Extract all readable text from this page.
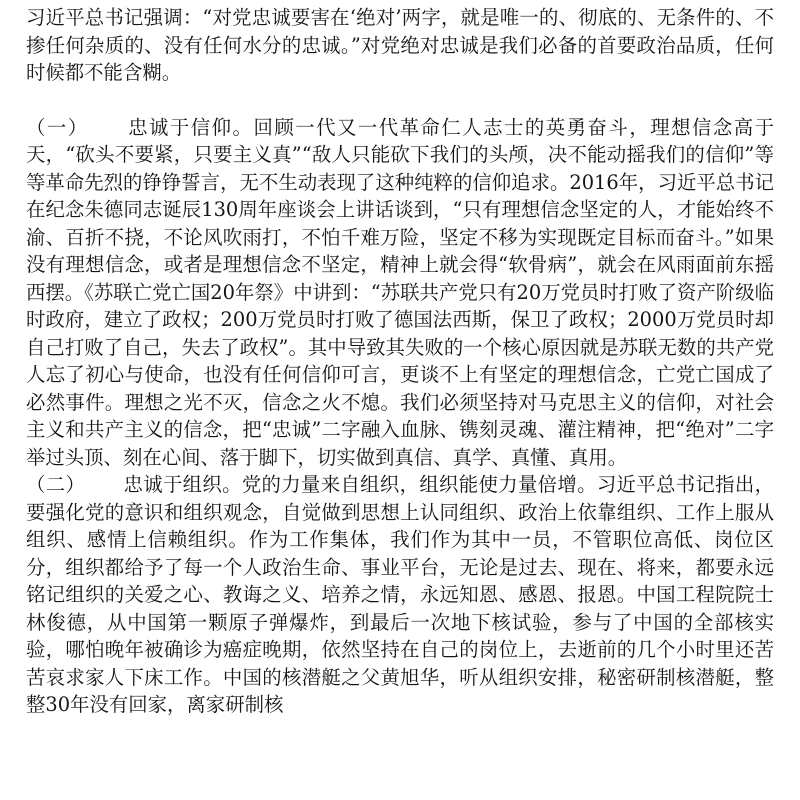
习近平总书记强调：“对党忠诚要害在‘绝对’两字，就是唯一的、彻底的、无条件的、不掺任何杂质的、没有任何水分的忠诚。”对党绝对忠诚是我们必备的首要政治品质，任何时候都不能含糊。

（一） 忠诚于信仰。回顾一代又一代革命仁人志士的英勇奋斗，理想信念高于天，“砍头不要紧，只要主义真”“敌人只能砍下我们的头颅，决不能动摇我们的信仰”等等革命先烈的铮铮誓言，无不生动表现了这种纯粹的信仰追求。2016年，习近平总书记在纪念朱德同志诞辰130周年座谈会上讲话谈到，“只有理想信念坚定的人，才能始终不渝、百折不挠，不论风吹雨打，不怕千难万险，坚定不移为实现既定目标而奋斗。”如果没有理想信念，或者是理想信念不坚定，精神上就会得“软骨病”，就会在风雨面前东摇西摆。《苏联亡党亡国20年祭》中讲到：“苏联共产党只有20万党员时打败了资产阶级临时政府，建立了政权；200万党员时打败了德国法西斯，保卫了政权；2000万党员时却自己打败了自己，失去了政权”。其中导致其失败的一个核心原因就是苏联无数的共产党人忘了初心与使命，也没有任何信仰可言，更谈不上有坚定的理想信念，亡党亡国成了必然事件。理想之光不灭，信念之火不熄。我们必须坚持对马克思主义的信仰，对社会主义和共产主义的信念，把“忠诚”二字融入血脉、镌刻灵魂、灌注精神，把“绝对”二字举过头顶、刻在心间、落于脚下，切实做到真信、真学、真懂、真用。

（二） 忠诚于组织。党的力量来自组织，组织能使力量倍增。习近平总书记指出，要强化党的意识和组织观念，自觉做到思想上认同组织、政治上依靠组织、工作上服从组织、感情上信赖组织。作为工作集体，我们作为其中一员，不管职位高低、岗位区分，组织都给予了每一个人政治生命、事业平台，无论是过去、现在、将来，都要永远铭记组织的关爱之心、教诲之义、培养之情，永远知恩、感恩、报恩。中国工程院院士林俊德，从中国第一颗原子弹爆炸，到最后一次地下核试验，参与了中国的全部核实验，哪怕晚年被确诊为癌症晚期，依然坚持在自己的岗位上，去逝前的几个小时里还苦苦哀求家人下床工作。中国的核潜艇之父黄旭华，听从组织安排，秘密研制核潜艇，整整30年没有回家，离家研制核
